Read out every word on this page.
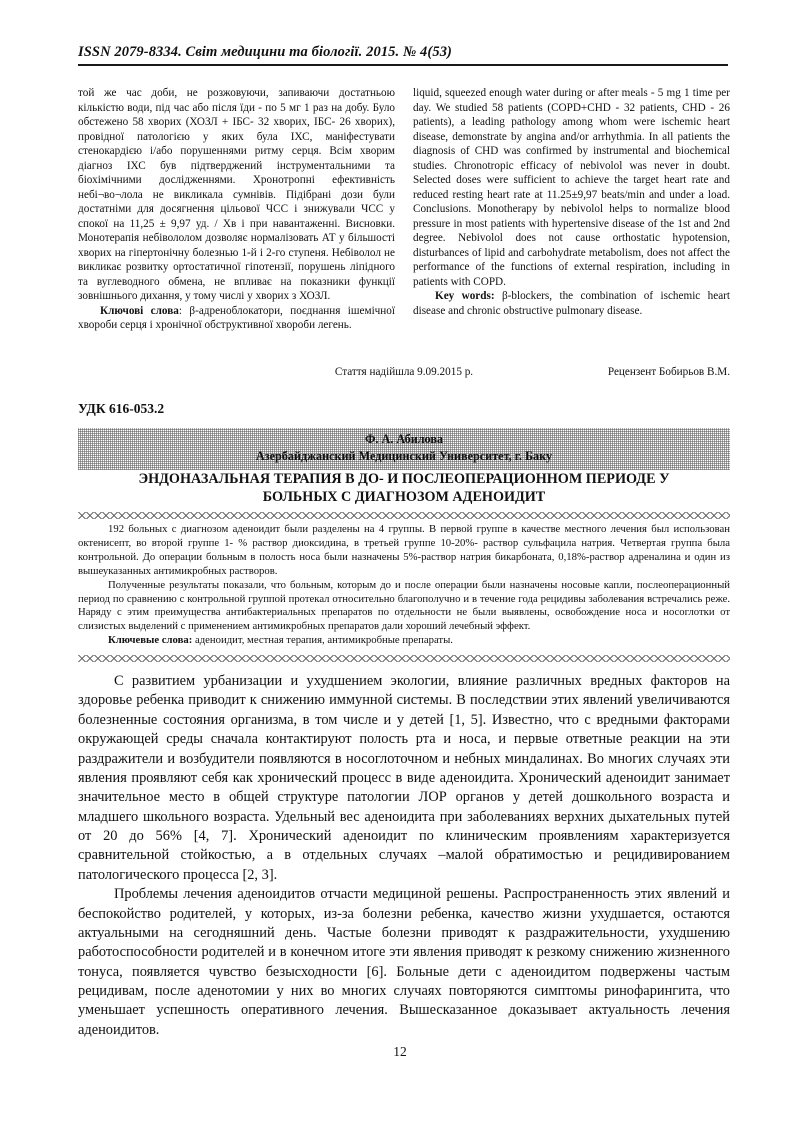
ISSN 2079-8334. Світ медицини та біології. 2015. № 4(53)

той же час доби, не розжовуючи, запиваючи достатньою кількістю води, під час або після їди - по 5 мг 1 раз на добу. Було обстежено 58 хворих (ХОЗЛ + ІБС- 32 хворих, ІБС- 26 хворих), провідної патологією у яких була ІХС, маніфестувати стенокардією і/або порушеннями ритму серця. Всім хворим діагноз ІХС був підтверджений інструментальними та біохімічними дослідженнями. Хронотропні ефективність небі¬во¬лола не викликала сумнівів. Підібрані дози були достатніми для досягнення цільової ЧСС і знижували ЧСС у спокої на 11,25 ± 9,97 уд. / Хв і при навантаженні. Висновки. Монотерапія небівололом дозволяє нормалізовать АТ у більшості хворих на гіпертонічну болезнью 1-й і 2-го ступеня. Небіволол не викликає розвитку ортостатичної гіпотензії, порушень ліпідного та вуглеводного обмена, не впливає на показники функції зовнішнього дихання, у тому числі у хворих з ХОЗЛ.

Ключові слова: β-адреноблокатори, поєднання ішемічної хвороби серця і хронічної обструктивної хвороби легень.

liquid, squeezed enough water during or after meals - 5 mg 1 time per day. We studied 58 patients (COPD+CHD - 32 patients, CHD - 26 patients), a leading pathology among whom were ischemic heart disease, demonstrate by angina and/or arrhythmia. In all patients the diagnosis of CHD was confirmed by instrumental and biochemical studies. Chronotropic efficacy of nebivolol was never in doubt. Selected doses were sufficient to achieve the target heart rate and reduced resting heart rate at 11.25±9,97 beats/min and under a load. Conclusions. Monotherapy by nebivolol helps to normalize blood pressure in most patients with hypertensive disease of the 1st and 2nd degree. Nebivolol does not cause orthostatic hypotension, disturbances of lipid and carbohydrate metabolism, does not affect the performance of the functions of external respiration, including in patients with COPD.

Key words: β-blockers, the combination of ischemic heart disease and chronic obstructive pulmonary disease.

Стаття надійшла 9.09.2015 р.	Рецензент Бобирьов В.М.
УДК 616-053.2
Ф. А. Абилова
Азербайджанский Медицинский Университет, г. Баку
ЭНДОНАЗАЛЬНАЯ ТЕРАПИЯ В ДО- И ПОСЛЕОПЕРАЦИОННОМ ПЕРИОДЕ У
БОЛЬНЫХ С ДИАГНОЗОМ АДЕНОИДИТ

192 больных с диагнозом аденоидит были разделены на 4 группы. В первой группе в качестве местного лечения был использован октенисепт, во второй группе 1- % раствор диоксидина, в третьей группе 10-20%- раствор сульфацила натрия. Четвертая группа была контрольной. До операции больным в полость носа были назначены 5%-раствор натрия бикарбоната, 0,18%-раствор адреналина и один из вышеуказанных антимикробных растворов.

Полученные результаты показали, что больным, которым до и после операции были назначены носовые капли, послеоперационный период по сравнению с контрольной группой протекал относительно благополучно и в течение года рецидивы заболевания встречались реже. Наряду с этим преимущества антибактериальных препаратов по отдельности не были выявлены, освобождение носа и носоглотки от слизистых выделений с применением антимикробных препаратов дали хороший лечебный эффект.

Ключевые слова: аденоидит, местная терапия, антимикробные препараты.

С развитием урбанизации и ухудшением экологии, влияние различных вредных факторов на здоровье ребенка приводит к снижению иммунной системы. В последствии этих явлений увеличиваются болезненные состояния организма, в том числе и у детей [1, 5]. Известно, что с вредными факторами окружающей среды сначала контактируют полость рта и носа, и первые ответные реакции на эти раздражители и возбудители появляются в носоглоточном и небных миндалинах. Во многих случаях эти явления проявляют себя как хронический процесс в виде аденоидита. Хронический аденоидит занимает значительное место в общей структуре патологии ЛОР органов у детей дошкольного возраста и младшего школьного возраста. Удельный вес аденоидита при заболеваниях верхних дыхательных путей от 20 до 56% [4, 7]. Хронический аденоидит по клиническим проявлениям характеризуется сравнительной стойкостью, а в отдельных случаях –малой обратимостью и рецидивированием патологического процесса [2, 3].

Проблемы лечения аденоидитов отчасти медициной решены. Распространенность этих явлений и беспокойство родителей, у которых, из-за болезни ребенка, качество жизни ухудшается, остаются актуальными на сегодняшний день. Частые болезни приводят к раздражительности, ухудшению работоспособности родителей и в конечном итоге эти явления приводят к резкому снижению жизненного тонуса, появляется чувство безысходности [6]. Больные дети с аденоидитом подвержены частым рецидивам, после аденотомии у них во многих случаях повторяются симптомы ринофарингита, что уменьшает успешность оперативного лечения. Вышесказанное доказывает актуальность лечения аденоидитов.

12
